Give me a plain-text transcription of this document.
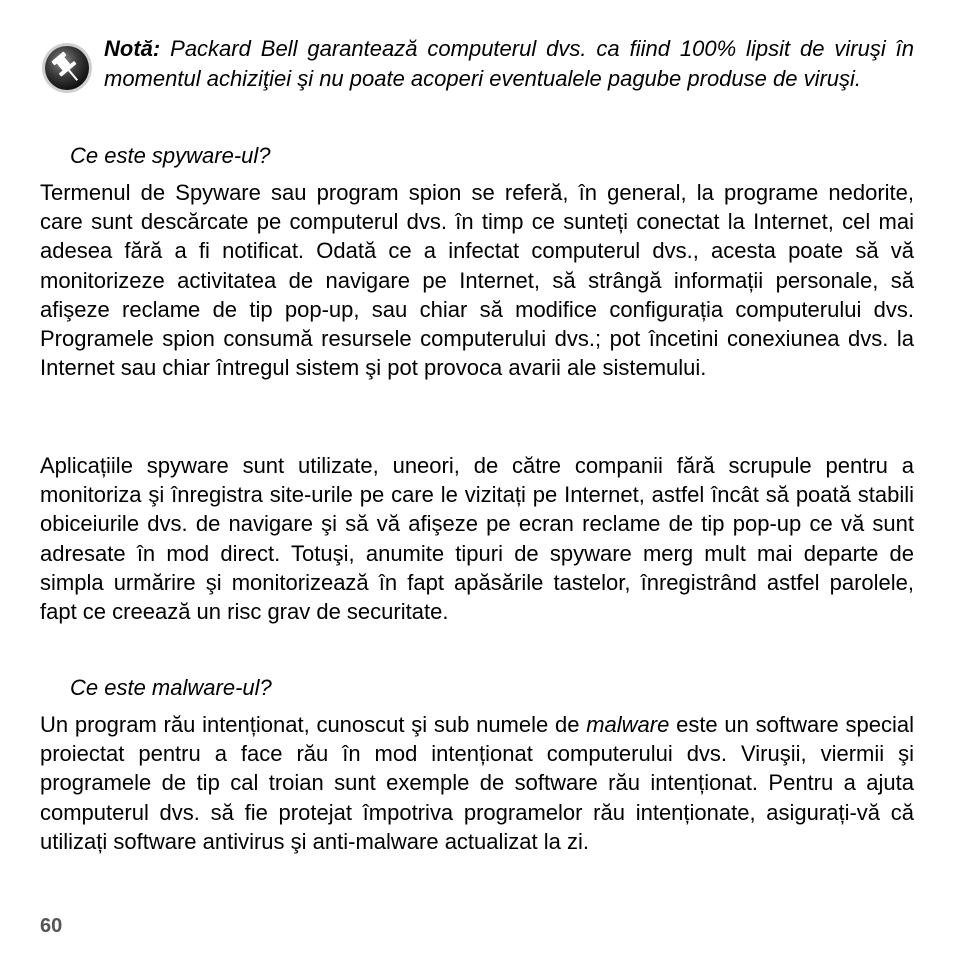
Notă: Packard Bell garantează computerul dvs. ca fiind 100% lipsit de viruşi în momentul achiziţiei şi nu poate acoperi eventualele pagube produse de viruşi.
Ce este spyware-ul?

Termenul de Spyware sau program spion se referă, în general, la programe nedorite, care sunt descărcate pe computerul dvs. în timp ce sunteți conectat la Internet, cel mai adesea fără a fi notificat. Odată ce a infectat computerul dvs., acesta poate să vă monitorizeze activitatea de navigare pe Internet, să strângă informații personale, să afişeze reclame de tip pop-up, sau chiar să modifice configurația computerului dvs. Programele spion consumă resursele computerului dvs.; pot încetini conexiunea dvs. la Internet sau chiar întregul sistem şi pot provoca avarii ale sistemului.

Aplicațiile spyware sunt utilizate, uneori, de către companii fără scrupule pentru a monitoriza şi înregistra site-urile pe care le vizitați pe Internet, astfel încât să poată stabili obiceiurile dvs. de navigare şi să vă afişeze pe ecran reclame de tip pop-up ce vă sunt adresate în mod direct. Totuşi, anumite tipuri de spyware merg mult mai departe de simpla urmărire şi monitorizează în fapt apăsările tastelor, înregistrând astfel parolele, fapt ce creează un risc grav de securitate.

Ce este malware-ul?

Un program rău intenționat, cunoscut şi sub numele de malware este un software special proiectat pentru a face rău în mod intenționat computerului dvs. Viruşii, viermii şi programele de tip cal troian sunt exemple de software rău intenționat. Pentru a ajuta computerul dvs. să fie protejat împotriva programelor rău intenționate, asigurați-vă că utilizați software antivirus şi anti-malware actualizat la zi.

60
